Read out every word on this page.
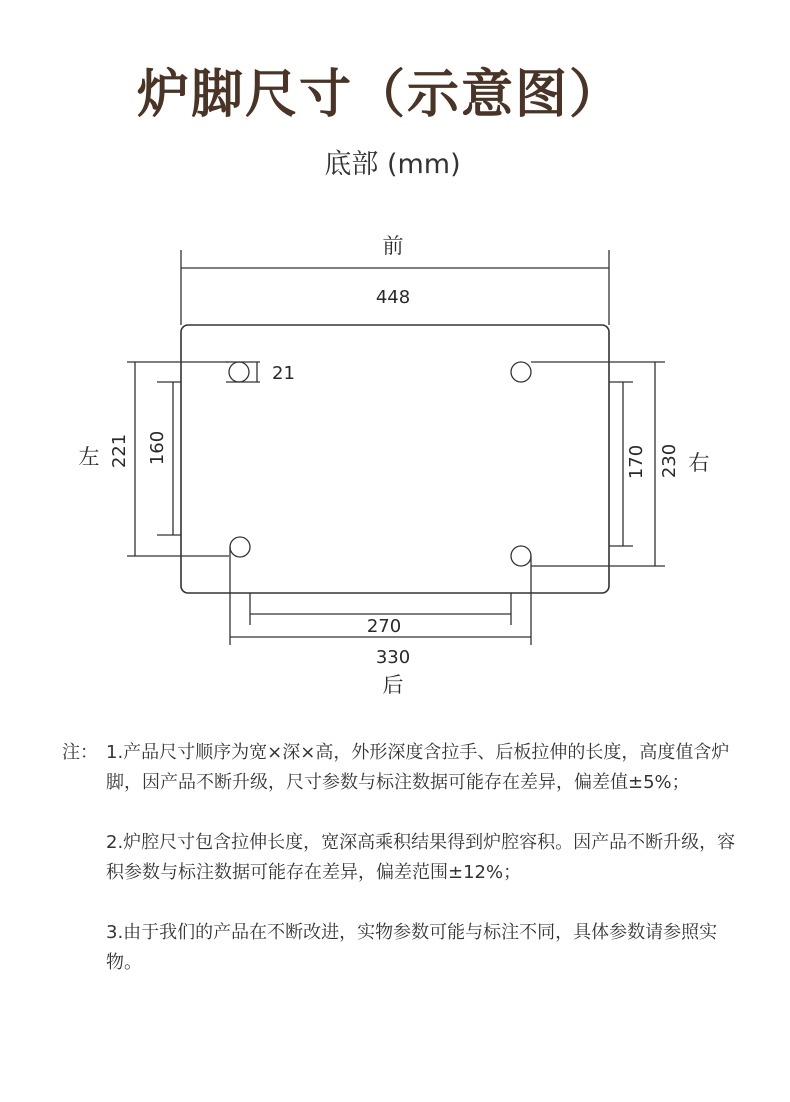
炉脚尺寸（示意图）
底部 (mm)
前
448
21
左 221 160	170 230 右
270
330
后
注： 1.产品尺寸顺序为宽×深×高，外形深度含拉手、后板拉伸的长度，高度值含炉脚，因产品不断升级，尺寸参数与标注数据可能存在差异，偏差值±5%；
2.炉腔尺寸包含拉伸长度，宽深高乘积结果得到炉腔容积。因产品不断升级，容积参数与标注数据可能存在差异，偏差范围±12%；
3.由于我们的产品在不断改进，实物参数可能与标注不同，具体参数请参照实物。
